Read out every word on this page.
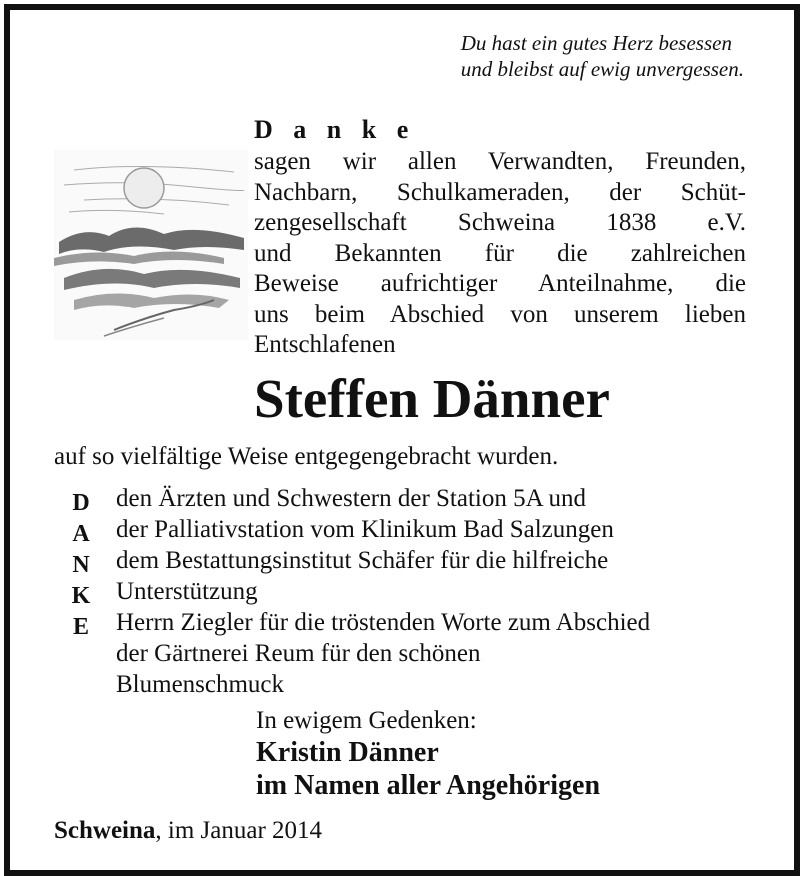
Du hast ein gutes Herz besessen
und bleibst auf ewig unvergessen.
D a n k e
sagen wir allen Verwandten, Freunden,
Nachbarn, Schulkameraden, der Schüt-
zengesellschaft Schweina 1838 e.V.
und Bekannten für die zahlreichen
Beweise aufrichtiger Anteilnahme, die
uns beim Abschied von unserem lieben
Entschlafenen
Steffen Dänner
auf so vielfältige Weise entgegengebracht wurden.
D
A
N
K
E
den Ärzten und Schwestern der Station 5A und
der Palliativstation vom Klinikum Bad Salzungen
dem Bestattungsinstitut Schäfer für die hilfreiche
Unterstützung
Herrn Ziegler für die tröstenden Worte zum Abschied
der Gärtnerei Reum für den schönen
Blumenschmuck
In ewigem Gedenken:
Kristin Dänner
im Namen aller Angehörigen
Schweina, im Januar 2014
